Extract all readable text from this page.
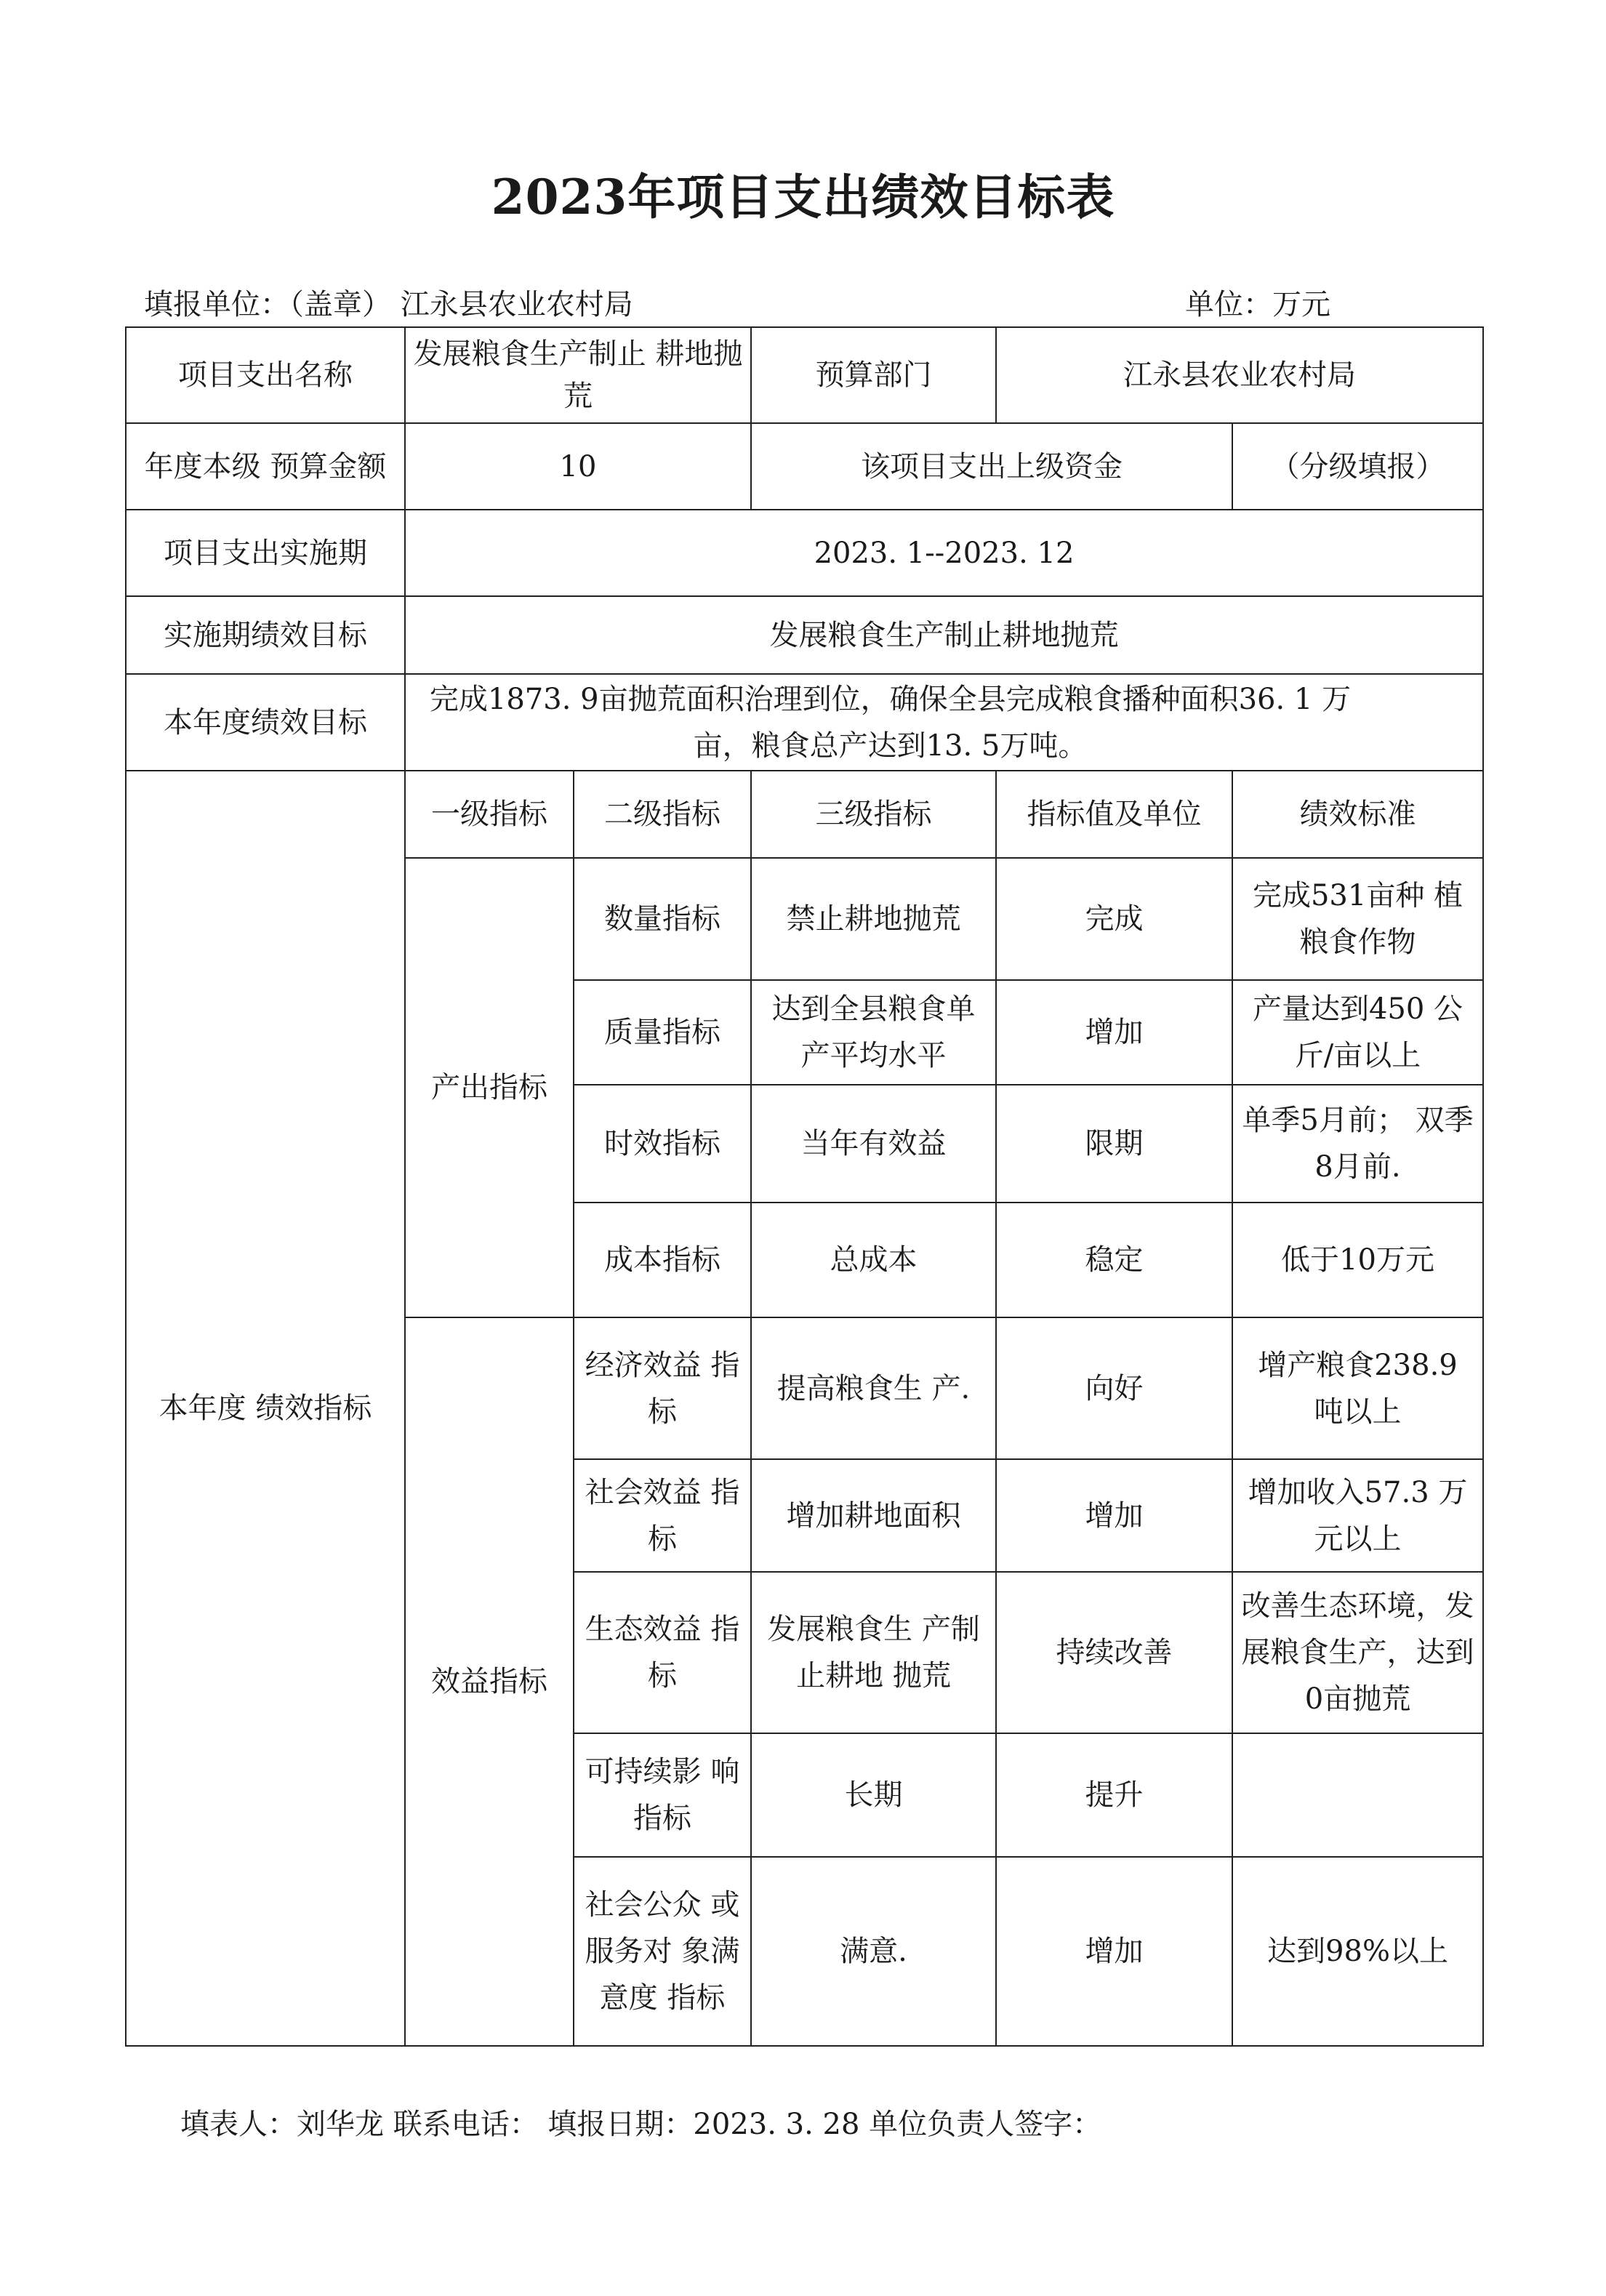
2023年项目支出绩效目标表
填报单位：（盖章） 江永县农业农村局	单位：万元
项目支出名称	发展粮食生产制止 耕地抛荒		预算部门	江永县农业农村局	
年度本级 预算金额	10		该项目支出上级资金		（分级填报）
项目支出实施期	2023. 1--2023. 12				
实施期绩效目标	发展粮食生产制止耕地抛荒				
本年度绩效目标	完成1873. 9亩抛荒面积治理到位，确保全县完成粮食播种面积36. 1 万亩，粮食总产达到13. 5万吨。				
本年度 绩效指标	一级指标	二级指标	三级指标	指标值及单位	绩效标准
	产出指标	数量指标	禁止耕地抛荒	完成	完成531亩种 植粮食作物
		质量指标	达到全县粮食单产平均水平	增加	产量达到450 公斤/亩以上
		时效指标	当年有效益	限期	单季5月前； 双季8月前.
		成本指标	总成本	稳定	低于10万元
	效益指标	经济效益 指标	提高粮食生 产.	向好	增产粮食238.9 吨以上
		社会效益 指标	增加耕地面积	增加	增加收入57.3 万元以上
		生态效益 指标	发展粮食生 产制止耕地 抛荒	持续改善	改善生态环境，发展粮食生产，达到0亩抛荒
		可持续影 响指标	长期	提升	
		社会公众 或服务对 象满意度 指标	满意.	增加	达到98%以上
填表人：刘华龙 联系电话： 填报日期：2023. 3. 28 单位负责人签字：
